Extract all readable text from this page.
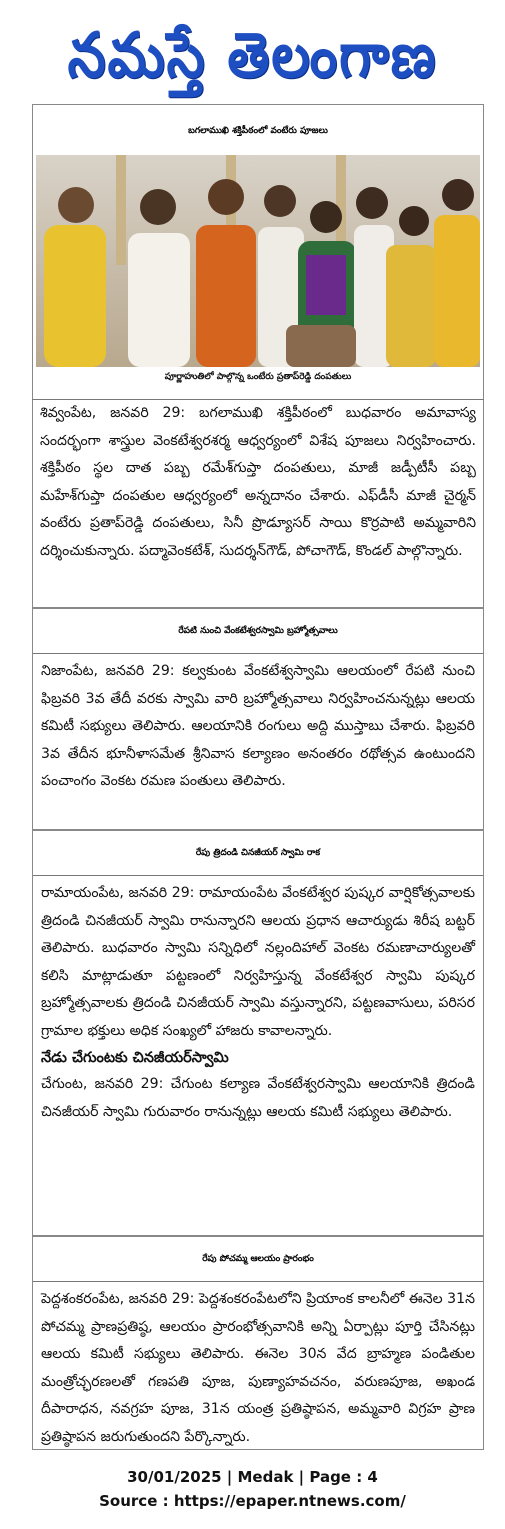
నమస్తే తెలంగాణ
బగలాముఖి శక్తిపీఠంలో వంటేరు పూజలు
పూర్ణాహుతిలో పాల్గొన్న ఒంటేరు ప్రతాప్‌రెడ్డి దంపతులు

శివ్వంపేట, జనవరి 29: బగలాముఖి శక్తిపీఠంలో బుధవారం అమావాస్య సందర్భంగా శాస్త్రుల వెంకటేశ్వరశర్మ ఆధ్వర్యంలో విశేష పూజలు నిర్వహించారు. శక్తిపీఠం స్థల దాత పబ్బ రమేశ్‌గుప్తా దంపతులు, మాజీ జడ్పీటీసీ పబ్బ మహేశ్‌గుప్తా దంపతుల ఆధ్వర్యంలో అన్నదానం చేశారు. ఎఫ్‌డీసీ మాజీ చైర్మన్ వంటేరు ప్రతాప్‌రెడ్డి దంపతులు, సినీ ప్రొడ్యూసర్ సాయి కొర్రపాటి అమ్మవారిని దర్శించుకున్నారు. పద్మావెంకటేశ్, సుదర్శన్‌గౌడ్, పోచాగౌడ్, కొండల్ పాల్గొన్నారు.

రేపటి నుంచి వేంకటేశ్వరస్వామి బ్రహ్మోత్సవాలు

నిజాంపేట, జనవరి 29: కల్వకుంట వేంకటేశ్వస్వామి ఆలయంలో రేపటి నుంచి ఫిబ్రవరి 3వ తేదీ వరకు స్వామి వారి బ్రహ్మోత్సవాలు నిర్వహించనున్నట్లు ఆలయ కమిటీ సభ్యులు తెలిపారు. ఆలయానికి రంగులు అద్ది ముస్తాబు చేశారు. ఫిబ్రవరి 3వ తేదీన భూనీళాసమేత శ్రీనివాస కల్యాణం అనంతరం రథోత్సవ ఉంటుందని పంచాంగం వెంకట రమణ పంతులు తెలిపారు.

రేపు త్రిదండి చినజీయర్ స్వామి రాక

రామాయంపేట, జనవరి 29: రామాయంపేట వేంకటేశ్వర పుష్కర వార్షికోత్సవాలకు త్రిదండి చినజీయర్ స్వామి రానున్నారని ఆలయ ప్రధాన ఆచార్యుడు శిరీష బట్టర్ తెలిపారు. బుధవారం స్వామి సన్నిధిలో నల్లందిహాల్ వెంకట రమణాచార్యులతో కలిసి మాట్లాడుతూ పట్టణంలో నిర్వహిస్తున్న వేంకటేశ్వర స్వామి పుష్కర బ్రహ్మోత్సవాలకు త్రిదండి చినజీయర్ స్వామి వస్తున్నారని, పట్టణవాసులు, పరిసర గ్రామాల భక్తులు అధిక సంఖ్యలో హాజరు కావాలన్నారు.

నేడు చేగుంటకు చినజీయర్‌స్వామి

చేగుంట, జనవరి 29: చేగుంట కల్యాణ వేంకటేశ్వరస్వామి ఆలయానికి త్రిదండి చినజీయర్ స్వామి గురువారం రానున్నట్లు ఆలయ కమిటీ సభ్యులు తెలిపారు.

రేపు పోచమ్మ ఆలయం ప్రారంభం

పెద్దశంకరంపేట, జనవరి 29: పెద్దశంకరంపేటలోని ప్రియాంక కాలనీలో ఈనెల 31న పోచమ్మ ప్రాణప్రతిష్ఠ, ఆలయం ప్రారంభోత్సవానికి అన్ని ఏర్పాట్లు పూర్తి చేసినట్లు ఆలయ కమిటీ సభ్యులు తెలిపారు. ఈనెల 30న వేద బ్రాహ్మణ పండితుల మంత్రోచ్ఛరణలతో గణపతి పూజ, పుణ్యాహవచనం, వరుణపూజ, అఖండ దీపారాధన, నవగ్రహ పూజ, 31న యంత్ర ప్రతిష్ఠాపన, అమ్మవారి విగ్రహ ప్రాణ ప్రతిష్ఠాపన జరుగుతుందని పేర్కొన్నారు.

30/01/2025 | Medak | Page : 4
Source : https://epaper.ntnews.com/
